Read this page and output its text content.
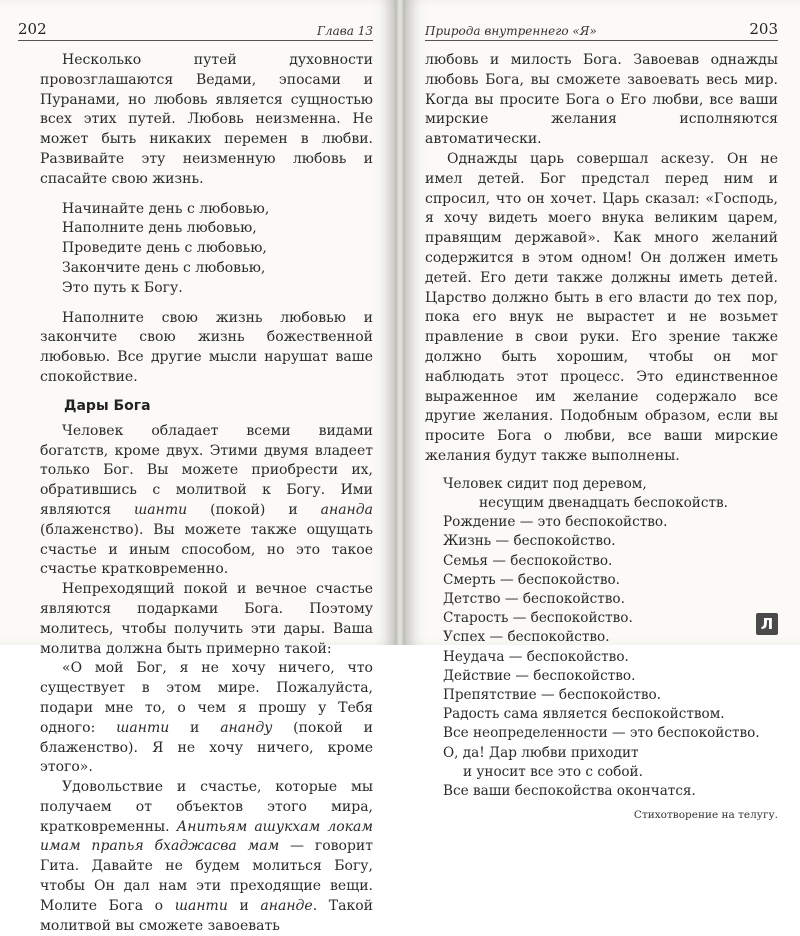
202	Глава 13

Несколько путей духовности провозглашаются Ведами, эпосами и Пуранами, но любовь является сущностью всех этих путей. Любовь неизменна. Не может быть никаких перемен в любви. Развивайте эту неизменную любовь и спасайте свою жизнь.

Начинайте день с любовью,
Наполните день любовью,
Проведите день с любовью,
Закончите день с любовью,
Это путь к Богу.

Наполните свою жизнь любовью и закончите свою жизнь божественной любовью. Все другие мысли нарушат ваше спокойствие.

Дары Бога

Человек обладает всеми видами богатств, кроме двух. Этими двумя владеет только Бог. Вы можете приобрести их, обратившись с молитвой к Богу. Ими являются шанти (покой) и ананда (блаженство). Вы можете также ощущать счастье и иным способом, но это такое счастье кратковременно.

Непреходящий покой и вечное счастье являются подарками Бога. Поэтому молитесь, чтобы получить эти дары. Ваша молитва должна быть примерно такой:

«О мой Бог, я не хочу ничего, что существует в этом мире. Пожалуйста, подари мне то, о чем я прошу у Тебя одного: шанти и ананду (покой и блаженство). Я не хочу ничего, кроме этого».

Удовольствие и счастье, которые мы получаем от объектов этого мира, кратковременны. Анитьям ашукхам локам имам прапья бхаджасва мам — говорит Гита. Давайте не будем молиться Богу, чтобы Он дал нам эти преходящие вещи. Молите Бога о шанти и ананде. Такой молитвой вы сможете завоевать

Природа внутреннего «Я»	203

любовь и милость Бога. Завоевав однажды любовь Бога, вы сможете завоевать весь мир. Когда вы просите Бога о Его любви, все ваши мирские желания исполняются автоматически.

Однажды царь совершал аскезу. Он не имел детей. Бог предстал перед ним и спросил, что он хочет. Царь сказал: «Господь, я хочу видеть моего внука великим царем, правящим державой». Как много желаний содержится в этом одном! Он должен иметь детей. Его дети также должны иметь детей. Царство должно быть в его власти до тех пор, пока его внук не вырастет и не возьмет правление в свои руки. Его зрение также должно быть хорошим, чтобы он мог наблюдать этот процесс. Это единственное выраженное им желание содержало все другие желания. Подобным образом, если вы просите Бога о любви, все ваши мирские желания будут также выполнены.

Человек сидит под деревом,
несущим двенадцать беспокойств.
Рождение — это беспокойство.
Жизнь — беспокойство.
Семья — беспокойство.
Смерть — беспокойство.
Детство — беспокойство.
Старость — беспокойство.
Успех — беспокойство.
Неудача — беспокойство.
Действие — беспокойство.
Препятствие — беспокойство.
Радость сама является беспокойством.
Все неопределенности — это беспокойство.
О, да! Дар любви приходит
и уносит все это с собой.
Все ваши беспокойства окончатся.
Стихотворение на телугу.
Л
